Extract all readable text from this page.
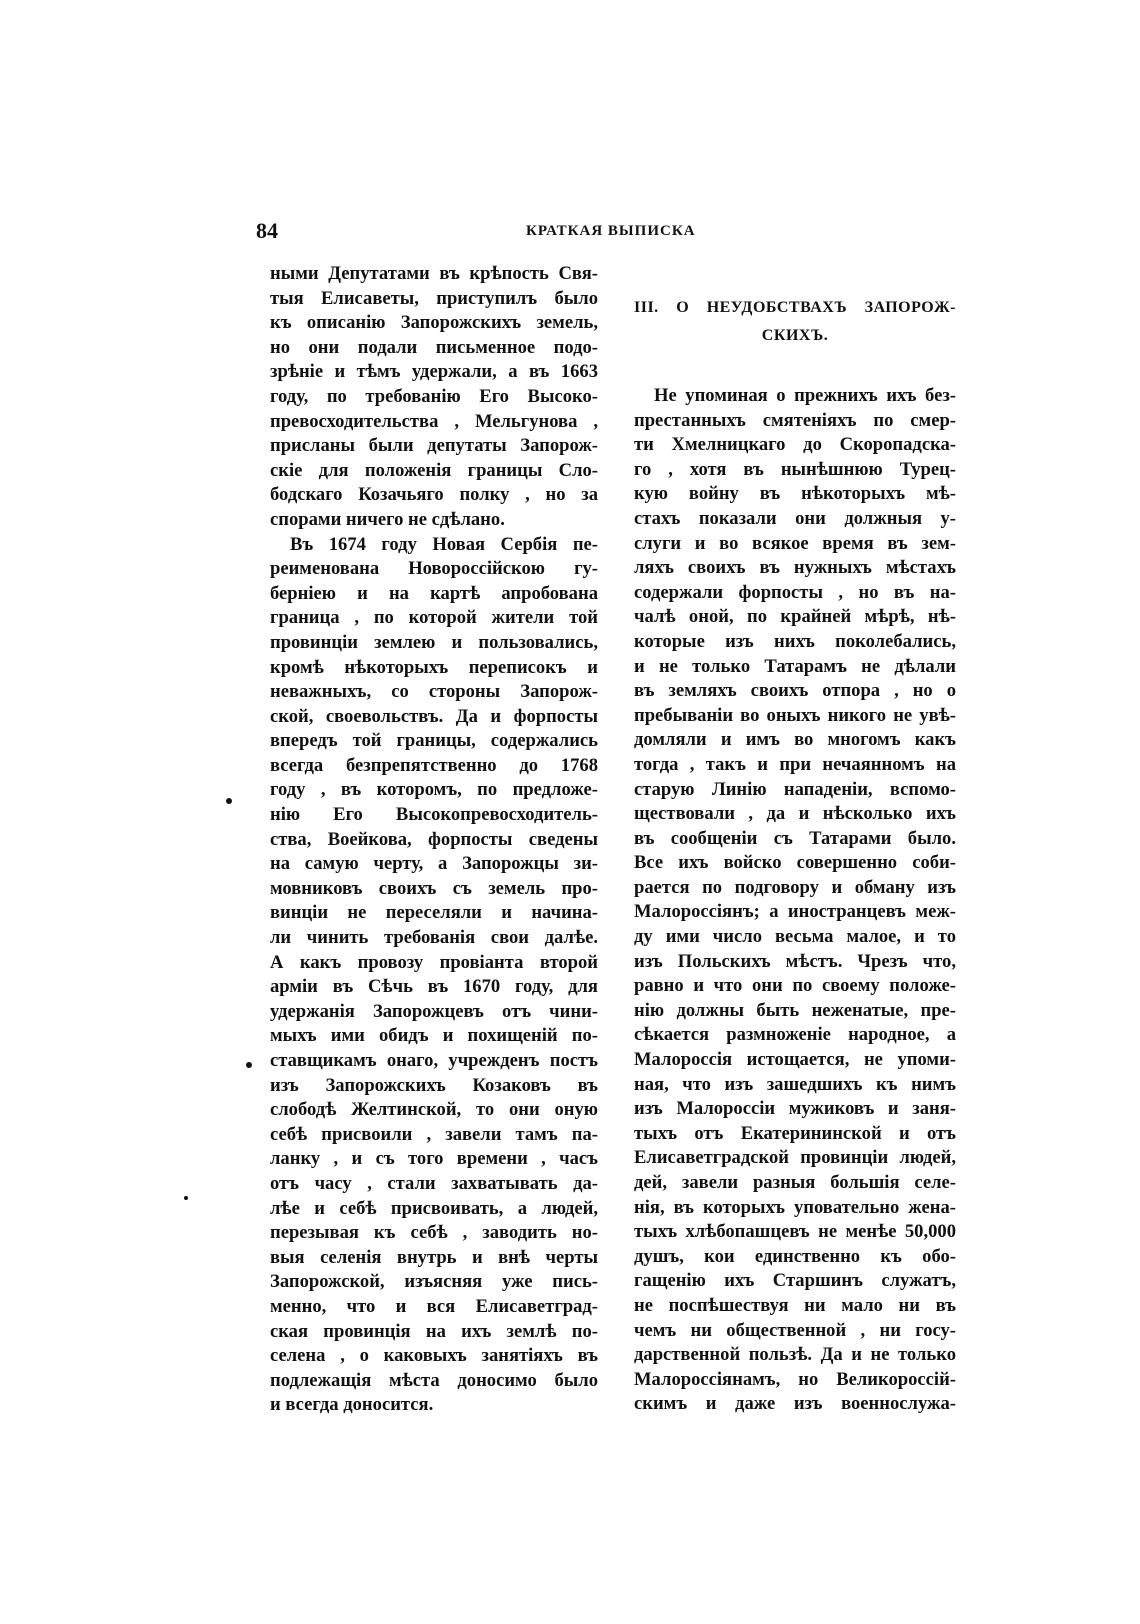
84	КРАТКАЯ ВЫПИСКА
ными Депутатами въ крѣпость Свя-
тыя Елисаветы, приступилъ было
къ описанію Запорожскихъ земель,
но они подали письменное подо-
зрѣніе и тѣмъ удержали, а въ 1663
году, по требованію Его Высоко-
превосходительства , Мельгунова ,
присланы были депутаты Запорож-
скіе для положенія границы Сло-
бодскаго Козачьяго полку , но за
спорами ничего не сдѣлано.
Въ 1674 году Новая Сербія пе-
реименована Новороссійскою гу-
берніею и на картѣ апробована
граница , по которой жители той
провинціи землею и пользовались,
кромѣ нѣкоторыхъ переписокъ и
неважныхъ, со стороны Запорож-
ской, своевольствъ. Да и форпосты
впередъ той границы, содержались
всегда безпрепятственно до 1768
году , въ которомъ, по предложе-
нію Его Высокопревосходитель-
ства, Воейкова, форпосты сведены
на самую черту, а Запорожцы зи-
мовниковъ своихъ съ земель про-
винціи не переселяли и начина-
ли чинить требованія свои далѣе.
А какъ провозу провіанта второй
арміи въ Сѣчь въ 1670 году, для
удержанія Запорожцевъ отъ чини-
мыхъ ими обидъ и похищеній по-
ставщикамъ онаго, учрежденъ постъ
изъ Запорожскихъ Козаковъ въ
слободѣ Желтинской, то они оную
себѣ присвоили , завели тамъ па-
ланку , и съ того времени , часъ
отъ часу , стали захватывать да-
лѣе и себѣ присвоивать, а людей,
перезывая къ себѣ , заводить но-
выя селенія внутрь и внѣ черты
Запорожской, изъясняя уже пись-
менно, что и вся Елисаветград-
ская провинція на ихъ землѣ по-
селена , о каковыхъ занятіяхъ въ
подлежащія мѣста доносимо было
и всегда доносится.
III. О НЕУДОБСТВАХЪ ЗАПОРОЖ-
СКИХЪ.
Не упоминая о прежнихъ ихъ без-
престанныхъ смятеніяхъ по смер-
ти Хмелницкаго до Скоропадска-
го , хотя въ нынѣшнюю Турец-
кую войну въ нѣкоторыхъ мѣ-
стахъ показали они должныя у-
слуги и во всякое время въ зем-
ляхъ своихъ въ нужныхъ мѣстахъ
содержали форпосты , но въ на-
чалѣ оной, по крайней мѣрѣ, нѣ-
которые изъ нихъ поколебались,
и не только Татарамъ не дѣлали
въ земляхъ своихъ отпора , но о
пребываніи во оныхъ никого не увѣ-
домляли и имъ во многомъ какъ
тогда , такъ и при нечаянномъ на
старую Линію нападеніи, вспомо-
ществовали , да и нѣсколько ихъ
въ сообщеніи съ Татарами было.
Все ихъ войско совершенно соби-
рается по подговору и обману изъ
Малороссіянъ; а иностранцевъ меж-
ду ими число весьма малое, и то
изъ Польскихъ мѣстъ. Чрезъ что,
равно и что они по своему положе-
нію должны быть неженатые, пре-
сѣкается размноженіе народное, а
Малороссія истощается, не упоми-
ная, что изъ зашедшихъ къ нимъ
изъ Малороссіи мужиковъ и заня-
тыхъ отъ Екатерининской и отъ
Елисаветградской провинціи людей,
дей, завели разныя большія селе-
нія, въ которыхъ уповательно жена-
тыхъ хлѣбопашцевъ не менѣе 50,000
душъ, кои единственно къ обо-
гащенію ихъ Старшинъ служатъ,
не поспѣшествуя ни мало ни въ
чемъ ни общественной , ни госу-
дарственной пользѣ. Да и не только
Малороссіянамъ, но Великороссій-
скимъ и даже изъ военнослужа-
